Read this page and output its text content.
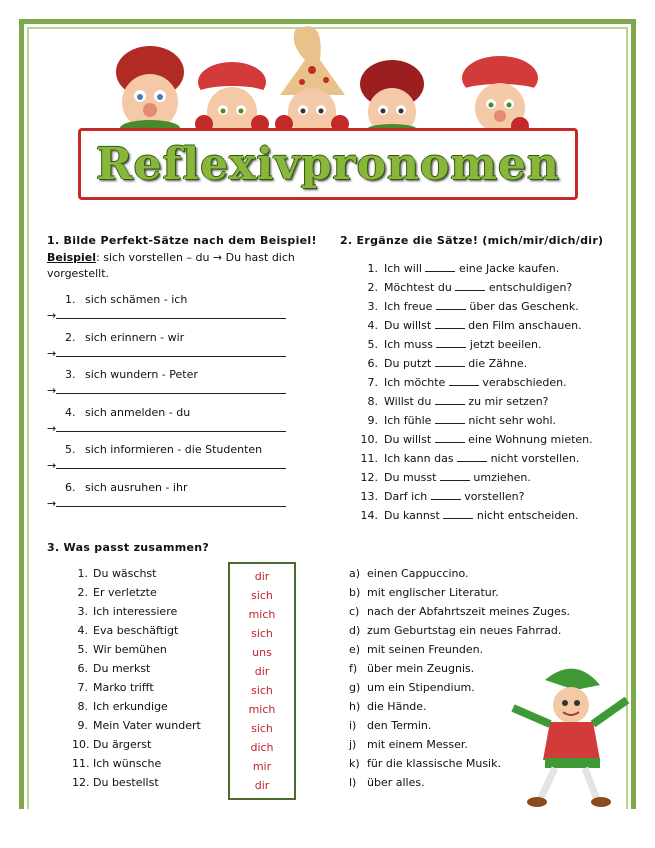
Reflexivpronomen
1. Bilde Perfekt-Sätze nach dem Beispiel!
Beispiel: sich vorstellen – du → Du hast dich
vorgestellt.
1. sich schämen - ich
→
2. sich erinnern - wir
→
3. sich wundern - Peter
→
4. sich anmelden - du
→
5. sich informieren - die Studenten
→
6. sich ausruhen - ihr
→
2. Ergänze die Sätze! (mich/mir/dich/dir)
1. Ich will	eine Jacke kaufen.
2. Möchtest du	entschuldigen?
3. Ich freue	über das Geschenk.
4. Du willst	den Film anschauen.
5. Ich muss	jetzt beeilen.
6. Du putzt	die Zähne.
7. Ich möchte	verabschieden.
8. Willst du	zu mir setzen?
9. Ich fühle	nicht sehr wohl.
10. Du willst	eine Wohnung mieten.
11. Ich kann das	nicht vorstellen.
12. Du musst	umziehen.
13. Darf ich	vorstellen?
14. Du kannst	nicht entscheiden.
3. Was passt zusammen?
1. Du wäschst
2. Er verletzte
3. Ich interessiere
4. Eva beschäftigt
5. Wir bemühen
6. Du merkst
7. Marko trifft
8. Ich erkundige
9. Mein Vater wundert
10. Du ärgerst
11. Ich wünsche
12. Du bestellst
dir
sich
mich
sich
uns
dir
sich
mich
sich
dich
mir
dir
a) einen Cappuccino.
b) mit englischer Literatur.
c) nach der Abfahrtszeit meines Zuges.
d) zum Geburtstag ein neues Fahrrad.
e) mit seinen Freunden.
f) über mein Zeugnis.
g) um ein Stipendium.
h) die Hände.
i) den Termin.
j) mit einem Messer.
k) für die klassische Musik.
l) über alles.
